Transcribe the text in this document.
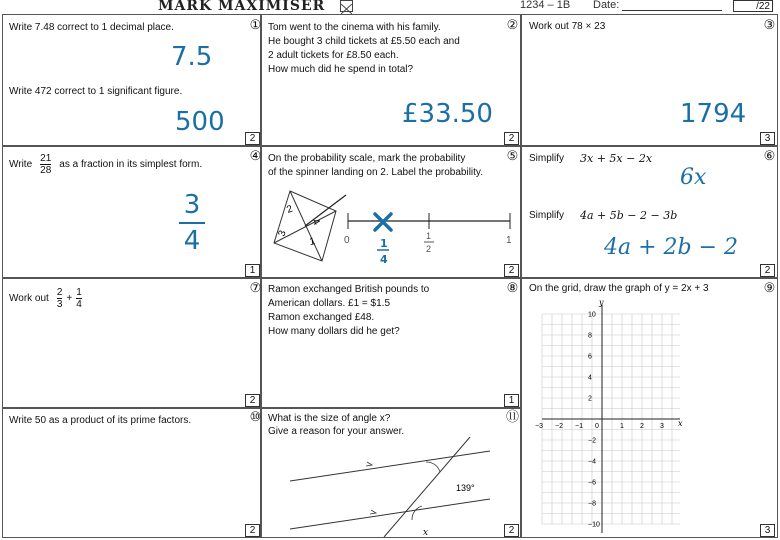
MARK MAXIMISER	1234 – 1B Date:	/22
Write 7.48 correct to 1 decimal place.
7.5
Write 472 correct to 1 significant figure.
500
①
2
Tom went to the cinema with his family.
He bought 3 child tickets at £5.50 each and
2 adult tickets for £8.50 each.
How much did he spend in total?
£33.50
②
2
Work out 78 × 23
1794
③
3
Write $\frac{21}{28}$ as a fraction in its simplest form.
3
4
④
1
On the probability scale, mark the probability
of the spinner landing on 2. Label the probability.
2
4
3
1	0	1
2
1
1
4
⑤
2
Simplify 3x + 5x − 2x
6x
Simplify 4a + 5b − 2 − 3b
4a + 2b − 2
⑥
2
Work out $\frac{2}{3} + \frac{1}{4}$	⑦
2
Ramon exchanged British pounds to
American dollars. £1 = $1.5
Ramon exchanged £48.
How many dollars did he get?
⑧
1
On the grid, draw the graph of y = 2x + 3
y
x
0
10
8
6
4
2
−2
−4
−6
−8
−10
−3 −2 −1	1 2 3
⑨
3
Write 50 as a product of its prime factors.	⑩
2
What is the size of angle x?
Give a reason for your answer.
139°
x
⑪
2
